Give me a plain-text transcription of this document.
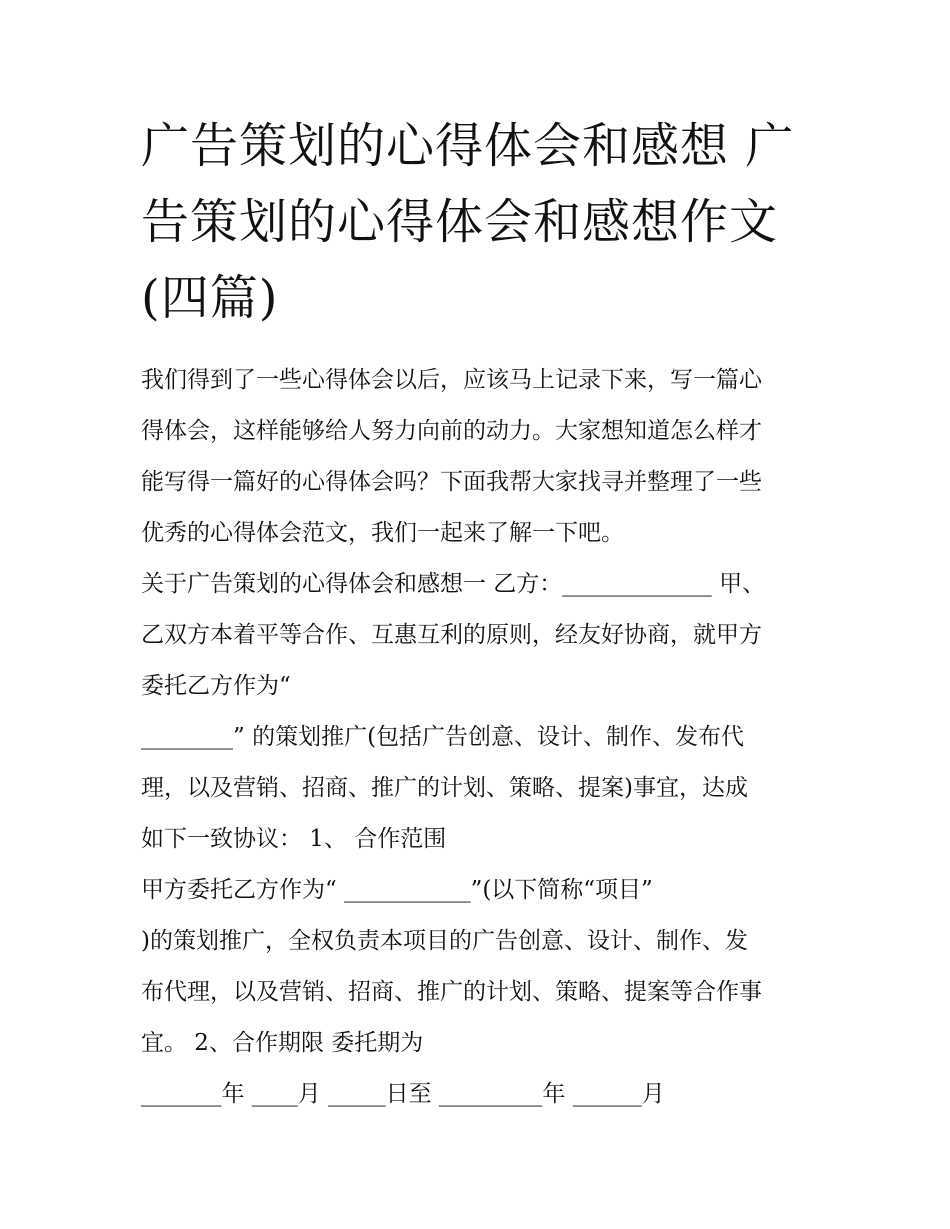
广告策划的心得体会和感想 广
告策划的心得体会和感想作文
(四篇)

我们得到了一些心得体会以后，应该马上记录下来，写一篇心

得体会，这样能够给人努力向前的动力。大家想知道怎么样才

能写得一篇好的心得体会吗？下面我帮大家找寻并整理了一些

优秀的心得体会范文，我们一起来了解一下吧。

关于广告策划的心得体会和感想一 乙方：_____________ 甲、

乙双方本着平等合作、互惠互利的原则，经友好协商，就甲方

委托乙方作为“

________” 的策划推广(包括广告创意、设计、制作、发布代

理，以及营销、招商、推广的计划、策略、提案)事宜，达成

如下一致协议： 1、 合作范围

甲方委托乙方作为“ ___________”(以下简称“项目”

)的策划推广，全权负责本项目的广告创意、设计、制作、发

布代理，以及营销、招商、推广的计划、策略、提案等合作事

宜。 2、合作期限 委托期为

_______年 ____月 _____日至 _________年 ______月
